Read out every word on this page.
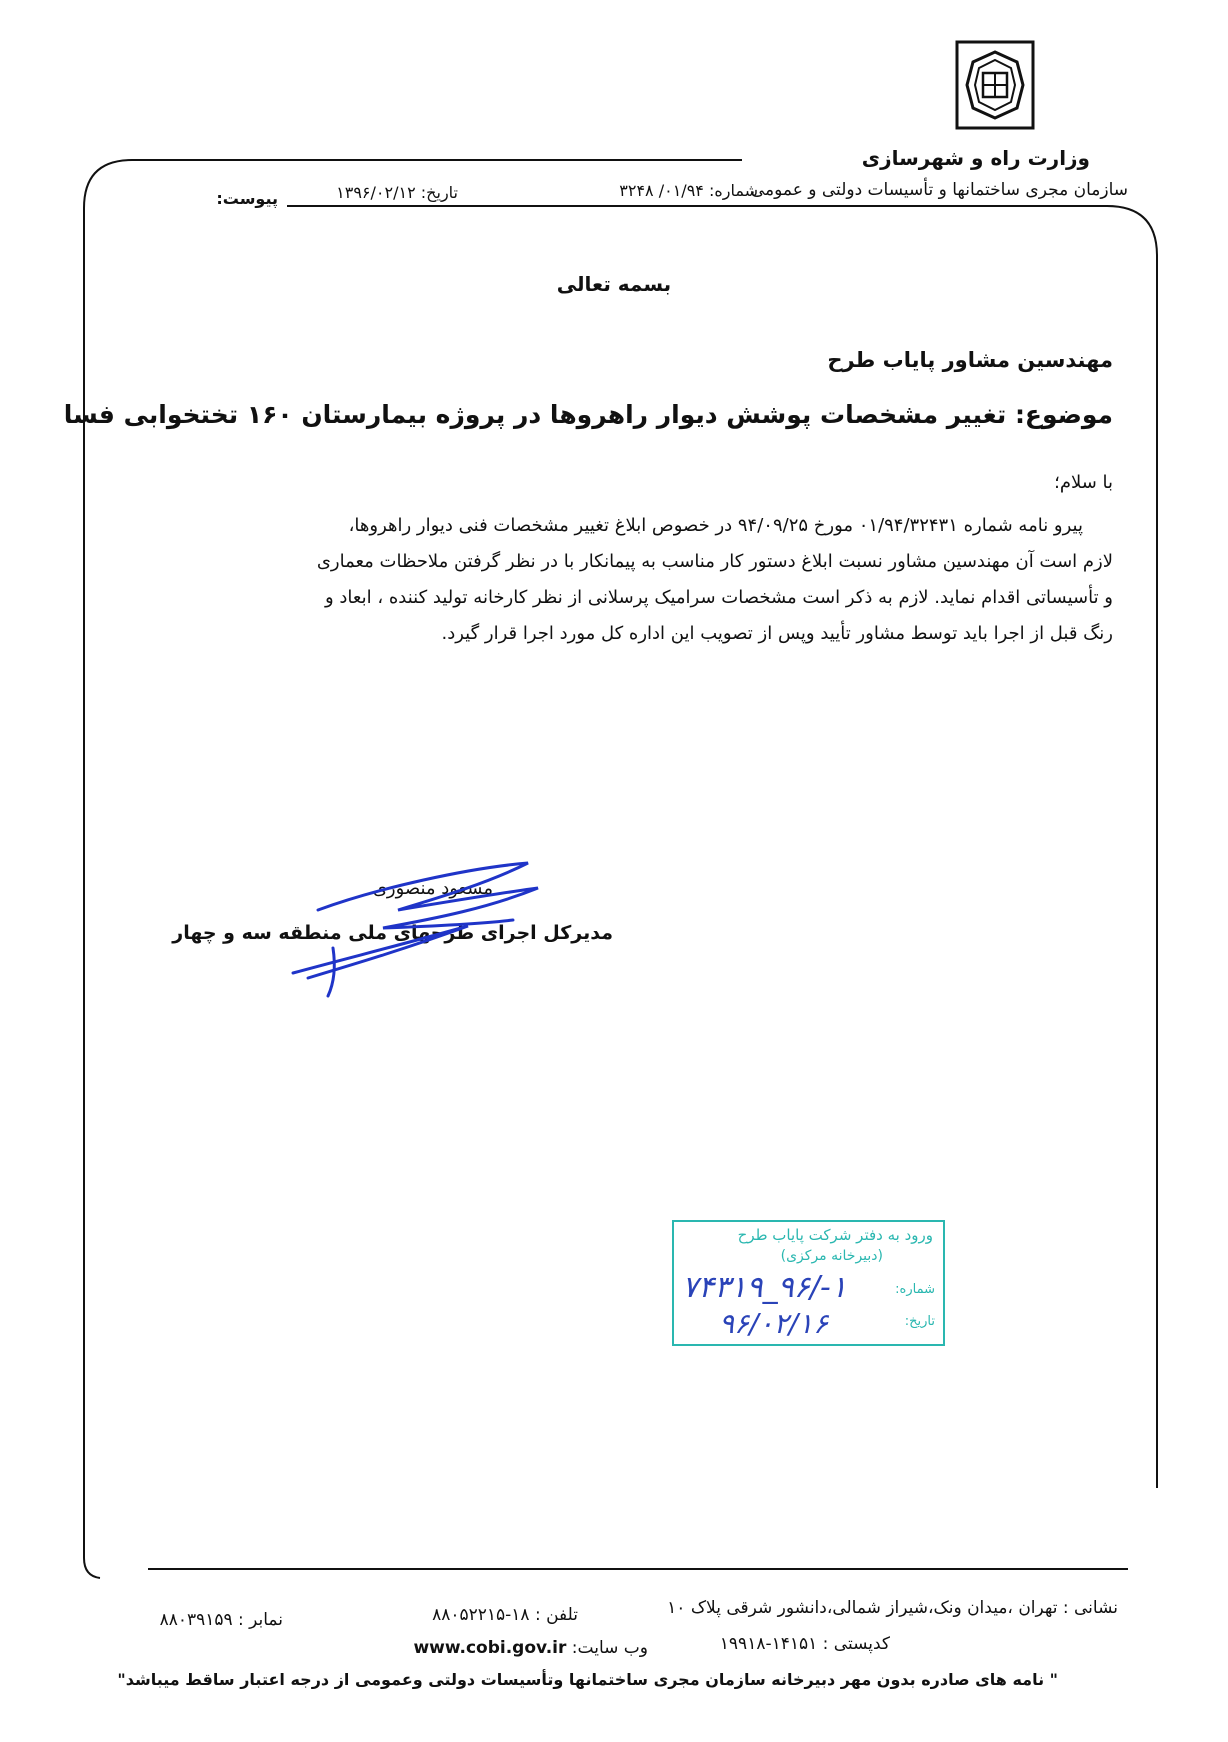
وزارت راه و شهرسازی
سازمان مجری ساختمانها و تأسیسات دولتی و عمومی
شماره: ۰۱/۹۴/ ۳۲۴۸
تاریخ: ۱۳۹۶/۰۲/۱۲
پیوست:
بسمه تعالی
مهندسین مشاور پایاب طرح
موضوع: تغییر مشخصات پوشش دیوار راهروها در پروژه بیمارستان ۱۶۰ تختخوابی فسا
با سلام؛

پیرو نامه شماره ۰۱/۹۴/۳۲۴۳۱ مورخ ۹۴/۰۹/۲۵ در خصوص ابلاغ تغییر مشخصات فنی دیوار راهروها،

لازم است آن مهندسین مشاور نسبت ابلاغ دستور کار مناسب به پیمانکار با در نظر گرفتن ملاحظات معماری

و تأسیساتی اقدام نماید. لازم به ذکر است مشخصات سرامیک پرسلانی از نظر کارخانه تولید کننده ، ابعاد و

رنگ قبل از اجرا باید توسط مشاور تأیید وپس از تصویب این اداره کل مورد اجرا قرار گیرد.

مسعود منصوری
مدیرکل اجرای طرحهای ملی منطقه سه و چهار
ورود به دفتر شرکت پایاب طرح
(دبیرخانه مرکزی)
شماره:
تاریخ:
۱-/۹۶_۷۴۳۱۹
۹۶/۰۲/۱۶
نشانی : تهران ،میدان ونک،شیراز شمالی،دانشور شرقی پلاک ۱۰
تلفن : ۱۸-۸۸۰۵۲۲۱۵
نمابر : ۸۸۰۳۹۱۵۹
کدپستی : ۱۴۱۵۱-۱۹۹۱۸
وب سایت: www.cobi.gov.ir
" نامه های صادره بدون مهر دبیرخانه سازمان مجری ساختمانها وتأسیسات دولتی وعمومی از درجه اعتبار ساقط میباشد"
